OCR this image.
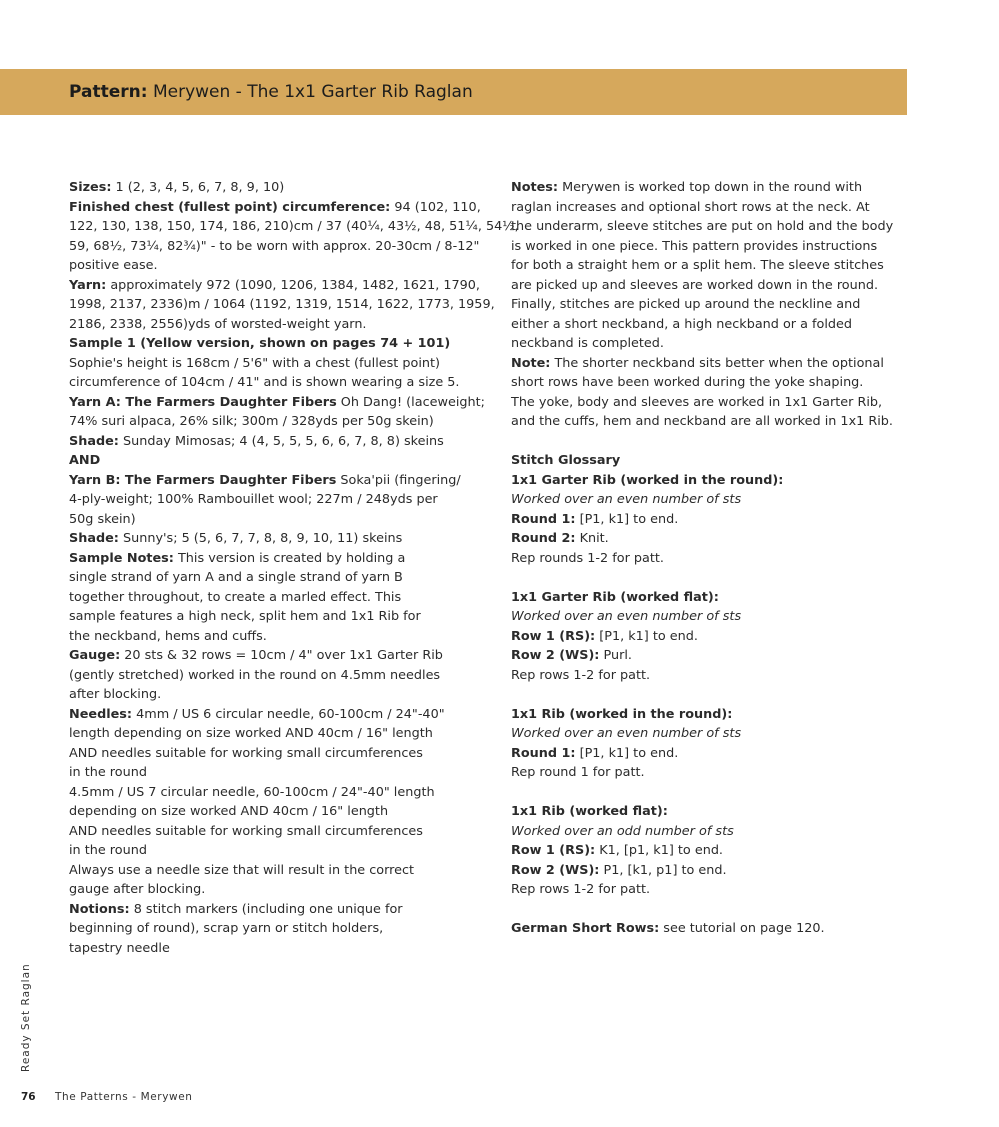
Pattern: Merywen - The 1x1 Garter Rib Raglan
Sizes: 1 (2, 3, 4, 5, 6, 7, 8, 9, 10)
Finished chest (fullest point) circumference: 94 (102, 110,
122, 130, 138, 150, 174, 186, 210)cm / 37 (40¼, 43½, 48, 51¼, 54½,
59, 68½, 73¼, 82¾)" - to be worn with approx. 20-30cm / 8-12"
positive ease.
Yarn: approximately 972 (1090, 1206, 1384, 1482, 1621, 1790,
1998, 2137, 2336)m / 1064 (1192, 1319, 1514, 1622, 1773, 1959,
2186, 2338, 2556)yds of worsted-weight yarn.
Sample 1 (Yellow version, shown on pages 74 + 101)
Sophie's height is 168cm / 5'6" with a chest (fullest point)
circumference of 104cm / 41" and is shown wearing a size 5.
Yarn A: The Farmers Daughter Fibers Oh Dang! (laceweight;
74% suri alpaca, 26% silk; 300m / 328yds per 50g skein)
Shade: Sunday Mimosas; 4 (4, 5, 5, 5, 6, 6, 7, 8, 8) skeins
AND
Yarn B: The Farmers Daughter Fibers Soka'pii (fingering/
4-ply-weight; 100% Rambouillet wool; 227m / 248yds per
50g skein)
Shade: Sunny's; 5 (5, 6, 7, 7, 8, 8, 9, 10, 11) skeins
Sample Notes: This version is created by holding a
single strand of yarn A and a single strand of yarn B
together throughout, to create a marled effect. This
sample features a high neck, split hem and 1x1 Rib for
the neckband, hems and cuffs.
Gauge: 20 sts & 32 rows = 10cm / 4" over 1x1 Garter Rib
(gently stretched) worked in the round on 4.5mm needles
after blocking.
Needles: 4mm / US 6 circular needle, 60-100cm / 24"-40"
length depending on size worked AND 40cm / 16" length
AND needles suitable for working small circumferences
in the round
4.5mm / US 7 circular needle, 60-100cm / 24"-40" length
depending on size worked AND 40cm / 16" length
AND needles suitable for working small circumferences
in the round
Always use a needle size that will result in the correct
gauge after blocking.
Notions: 8 stitch markers (including one unique for
beginning of round), scrap yarn or stitch holders,
tapestry needle
Notes: Merywen is worked top down in the round with
raglan increases and optional short rows at the neck. At
the underarm, sleeve stitches are put on hold and the body
is worked in one piece. This pattern provides instructions
for both a straight hem or a split hem. The sleeve stitches
are picked up and sleeves are worked down in the round.
Finally, stitches are picked up around the neckline and
either a short neckband, a high neckband or a folded
neckband is completed.
Note: The shorter neckband sits better when the optional
short rows have been worked during the yoke shaping.
The yoke, body and sleeves are worked in 1x1 Garter Rib,
and the cuffs, hem and neckband are all worked in 1x1 Rib.
Stitch Glossary
1x1 Garter Rib (worked in the round):
Worked over an even number of sts
Round 1: [P1, k1] to end.
Round 2: Knit.
Rep rounds 1-2 for patt.
1x1 Garter Rib (worked flat):
Worked over an even number of sts
Row 1 (RS): [P1, k1] to end.
Row 2 (WS): Purl.
Rep rows 1-2 for patt.
1x1 Rib (worked in the round):
Worked over an even number of sts
Round 1: [P1, k1] to end.
Rep round 1 for patt.
1x1 Rib (worked flat):
Worked over an odd number of sts
Row 1 (RS): K1, [p1, k1] to end.
Row 2 (WS): P1, [k1, p1] to end.
Rep rows 1-2 for patt.
German Short Rows: see tutorial on page 120.
Ready Set Raglan
76 The Patterns - Merywen
